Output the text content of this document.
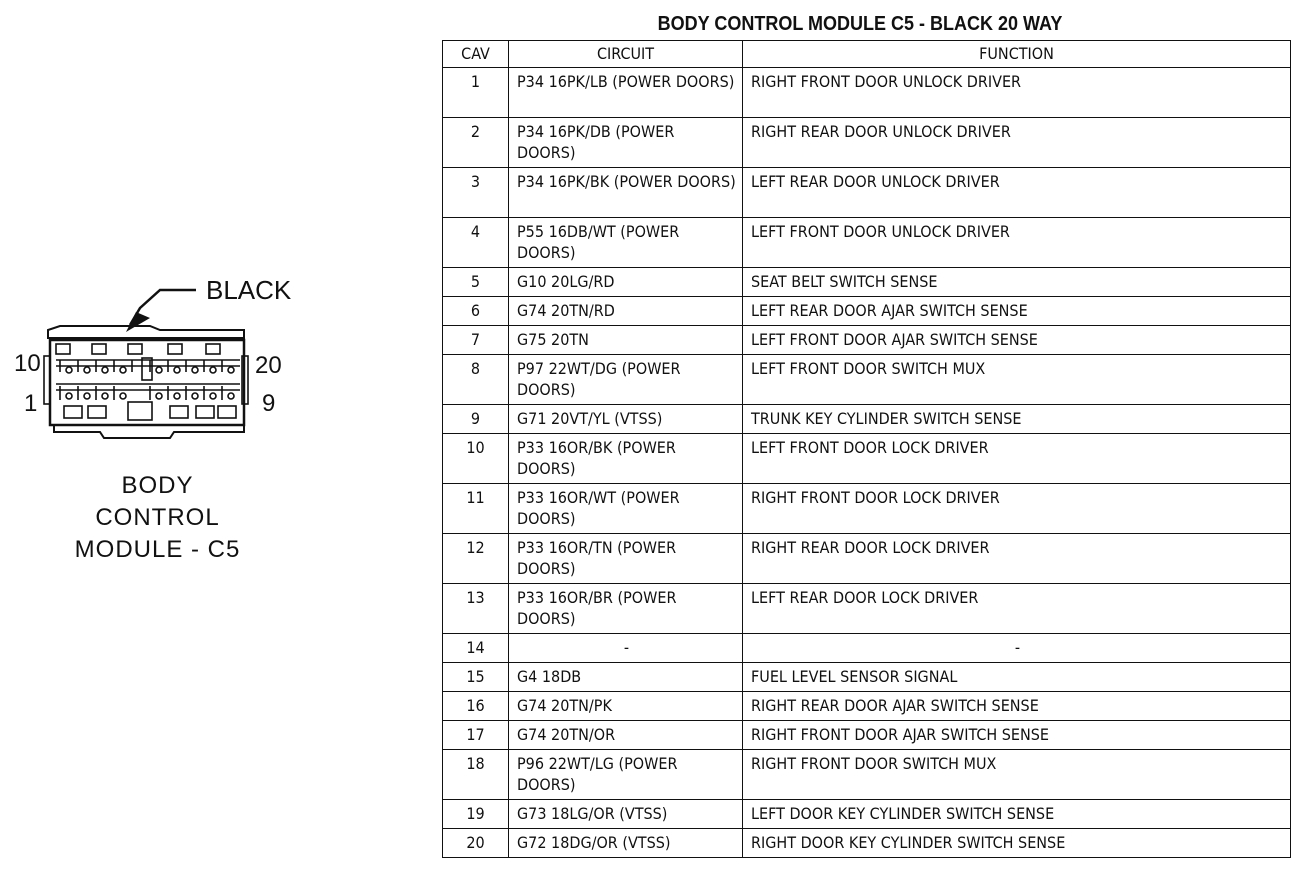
BLACK
10	20
1	9
BODY
CONTROL
MODULE - C5
BODY CONTROL MODULE C5 - BLACK 20 WAY
CAV	CIRCUIT	FUNCTION
1	P34 16PK/LB (POWER DOORS)	RIGHT FRONT DOOR UNLOCK DRIVER
2	P34 16PK/DB (POWER DOORS)	RIGHT REAR DOOR UNLOCK DRIVER
3	P34 16PK/BK (POWER DOORS)	LEFT REAR DOOR UNLOCK DRIVER
4	P55 16DB/WT (POWER DOORS)	LEFT FRONT DOOR UNLOCK DRIVER
5	G10 20LG/RD	SEAT BELT SWITCH SENSE
6	G74 20TN/RD	LEFT REAR DOOR AJAR SWITCH SENSE
7	G75 20TN	LEFT FRONT DOOR AJAR SWITCH SENSE
8	P97 22WT/DG (POWER DOORS)	LEFT FRONT DOOR SWITCH MUX
9	G71 20VT/YL (VTSS)	TRUNK KEY CYLINDER SWITCH SENSE
10	P33 16OR/BK (POWER DOORS)	LEFT FRONT DOOR LOCK DRIVER
11	P33 16OR/WT (POWER DOORS)	RIGHT FRONT DOOR LOCK DRIVER
12	P33 16OR/TN (POWER DOORS)	RIGHT REAR DOOR LOCK DRIVER
13	P33 16OR/BR (POWER DOORS)	LEFT REAR DOOR LOCK DRIVER
14	-	-
15	G4 18DB	FUEL LEVEL SENSOR SIGNAL
16	G74 20TN/PK	RIGHT REAR DOOR AJAR SWITCH SENSE
17	G74 20TN/OR	RIGHT FRONT DOOR AJAR SWITCH SENSE
18	P96 22WT/LG (POWER DOORS)	RIGHT FRONT DOOR SWITCH MUX
19	G73 18LG/OR (VTSS)	LEFT DOOR KEY CYLINDER SWITCH SENSE
20	G72 18DG/OR (VTSS)	RIGHT DOOR KEY CYLINDER SWITCH SENSE
